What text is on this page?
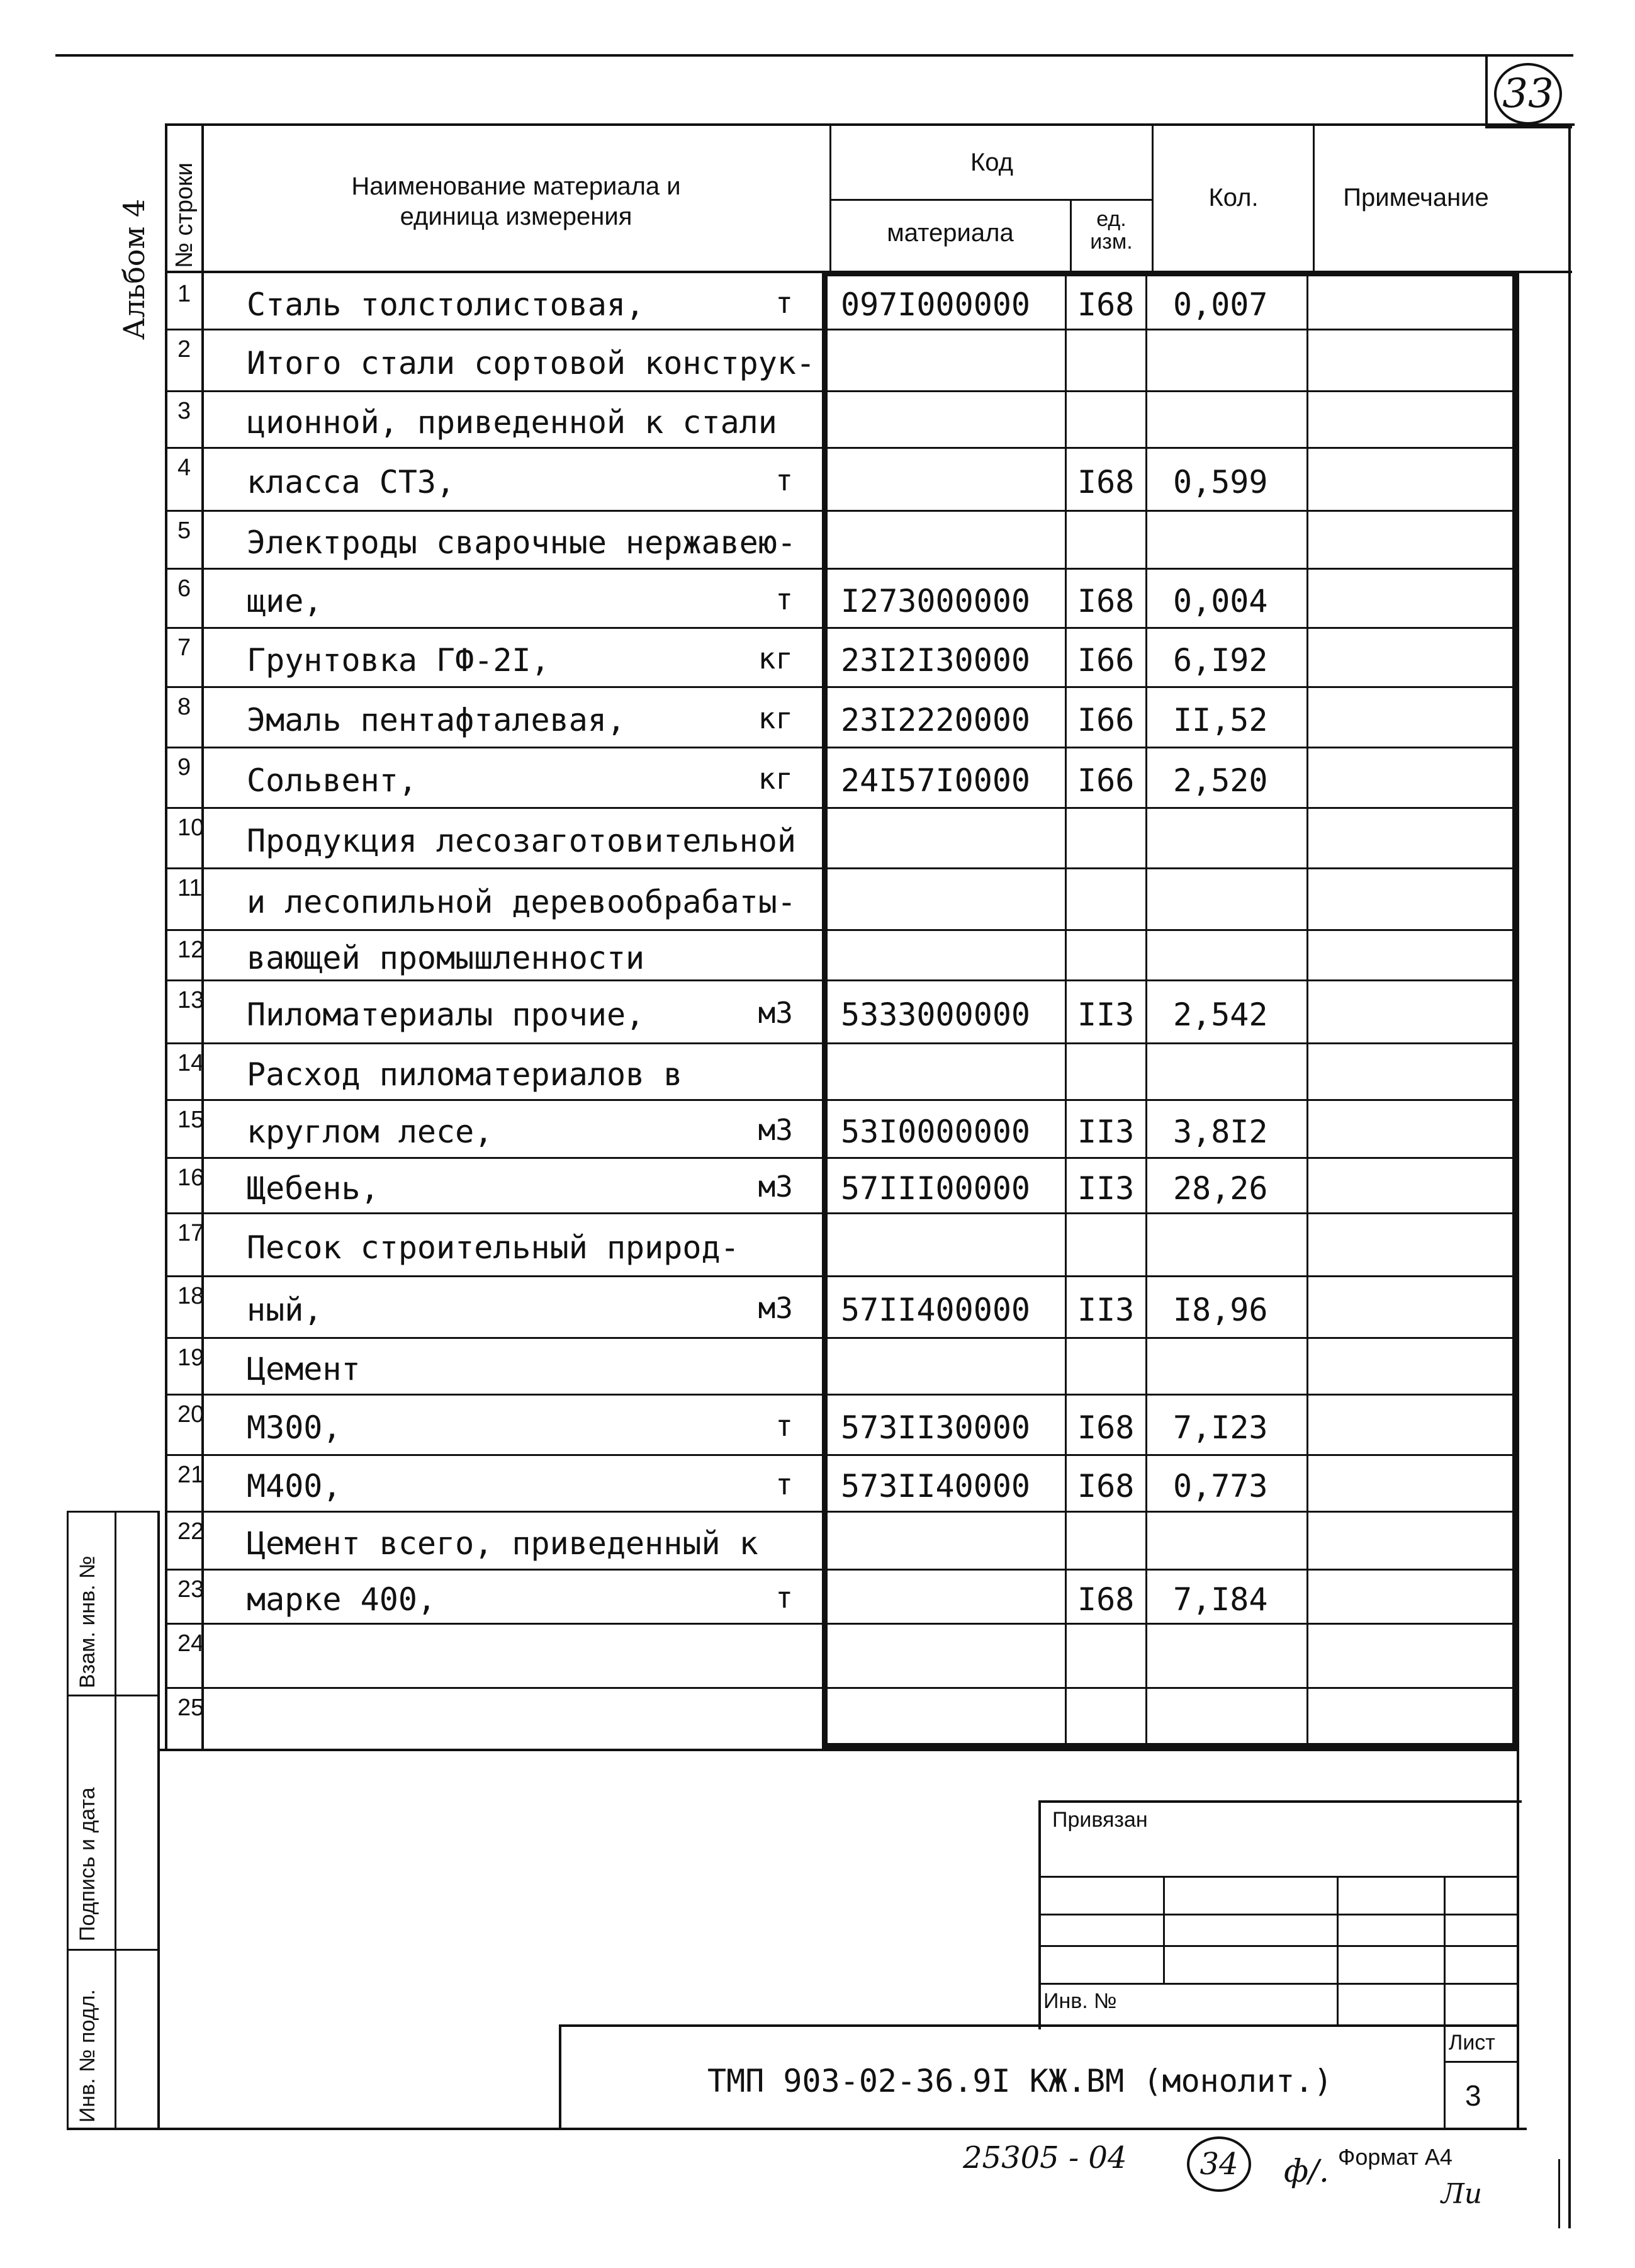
33
Альбом 4 № строки	Наименование материала и
единица измерения
Код
материала	ед.
изм.
Кол.	Примечание
1 Сталь толстолистовая,	т 097I000000 I68 0,007
2 Итого стали сортовой конструк-
3 ционной, приведенной к стали
4 класса СТЗ,	т	I68 0,599
5 Электроды сварочные нержавею-
6 щие,	т I273000000 I68 0,004
7 Грунтовка ГФ-2I,	кг 23I2I30000 I66 6,I92
8 Эмаль пентафталевая,	кг 23I2220000 I66 II,52
9 Сольвент,	кг 24I57I0000 I66 2,520
10 Продукция лесозаготовительной
11 и лесопильной деревообрабаты-
12 вающей промышленности
13 Пиломатериалы прочие,	м3 5333000000 II3 2,542
14 Расход пиломатериалов в
15 круглом лесе,	м3 53I0000000 II3 3,8I2
16 Щебень,	м3 57III00000 II3 28,26
17 Песок строительный природ-
18 ный,	м3 57II400000 II3 I8,96
19 Цемент
20 М300,	т 573II30000 I68 7,I23
21 М400,	т 573II40000 I68 0,773
22 Цемент всего, приведенный к
23 марке 400,	т	I68 7,I84
24
25
Взам. инв. №
Подпись и дата
Инв. № подл.
Привязан
Инв. №
ТМП 903-02-36.9I КЖ.ВМ (монолит.)
Лист
3
25305 - 04	34	ф/. Формат А4
Ли
